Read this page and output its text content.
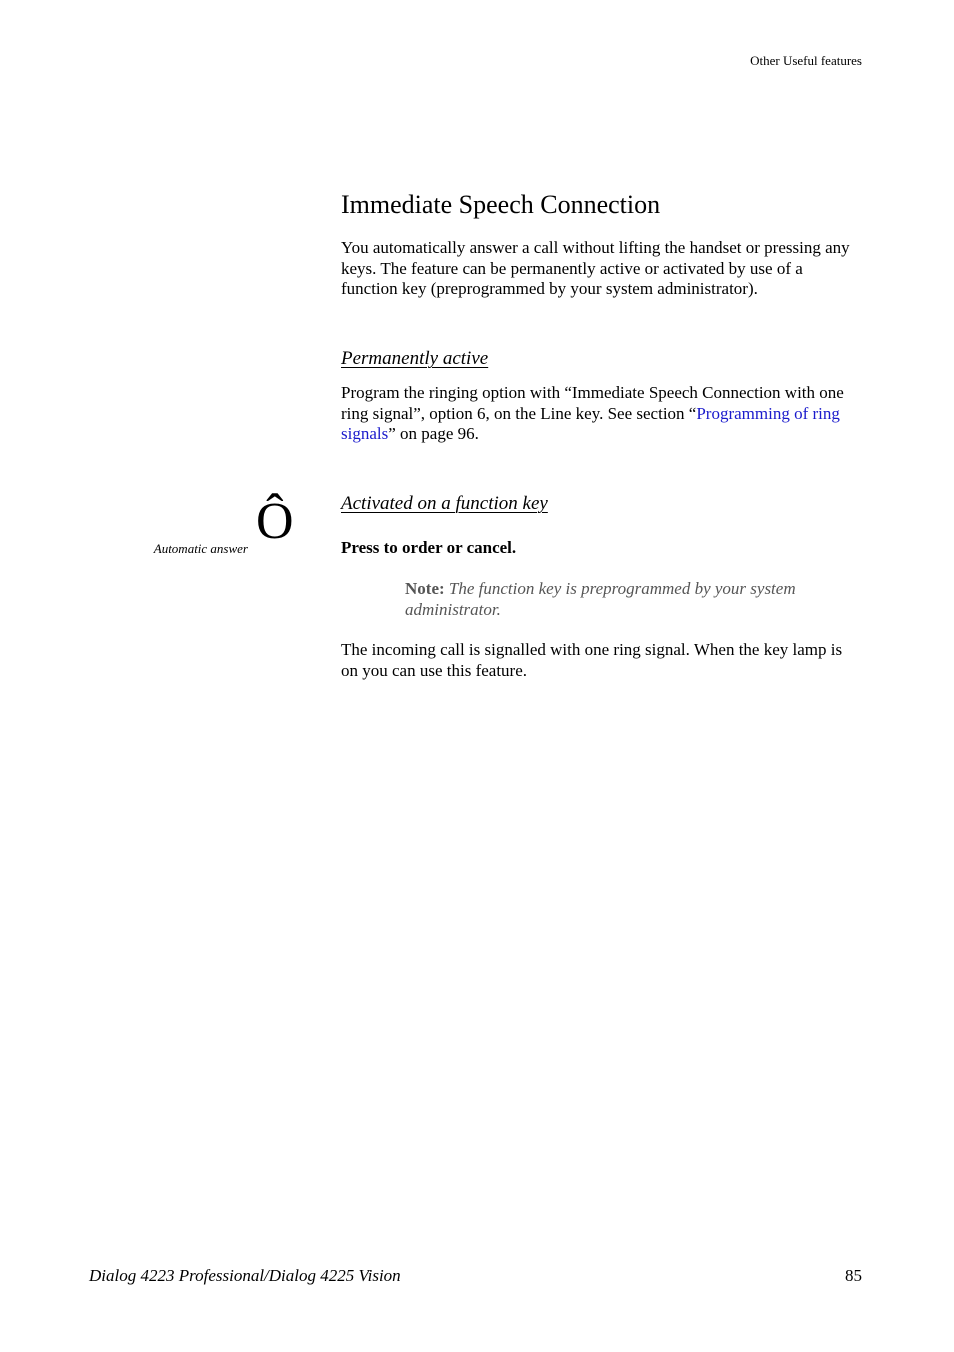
Other Useful features
Immediate Speech Connection

You automatically answer a call without lifting the handset or pressing any keys. The feature can be permanently active or activated by use of a function key (preprogrammed by your system administrator).

Permanently active

Program the ringing option with “Immediate Speech Connection with one ring signal”, option 6, on the Line key. See section “Programming of ring signals” on page 96.

Activated on a function key
Automatic answer Ô	Press to order or cancel.
Note: The function key is preprogrammed by your system administrator.

The incoming call is signalled with one ring signal. When the key lamp is on you can use this feature.

Dialog 4223 Professional/Dialog 4225 Vision	85
